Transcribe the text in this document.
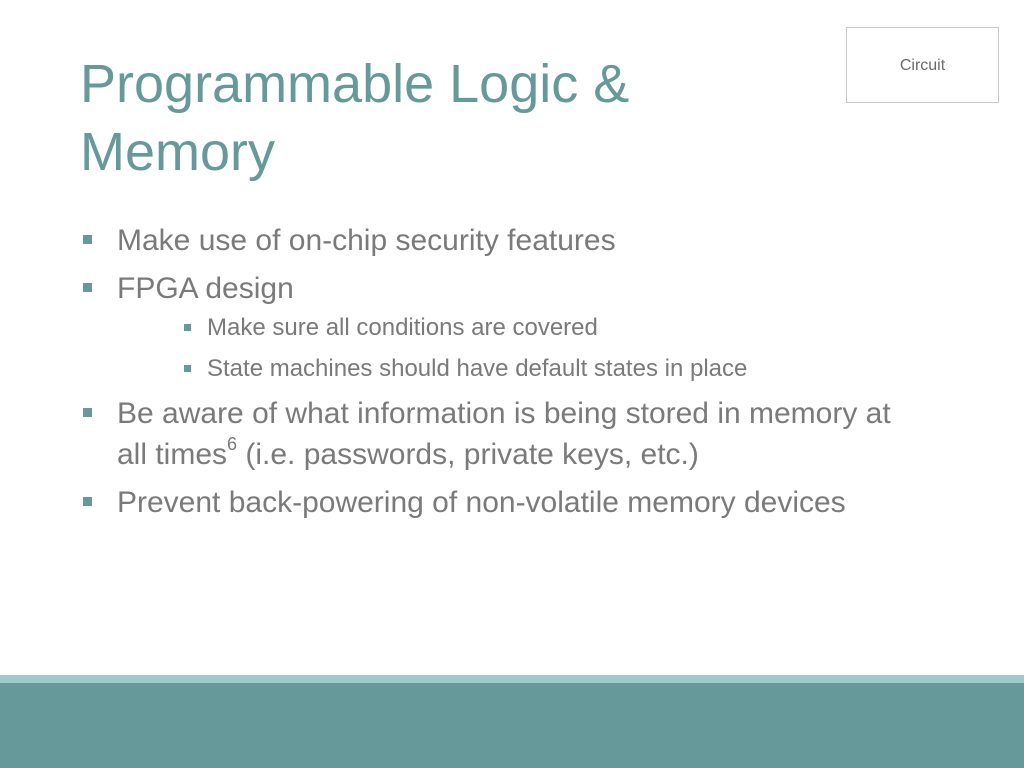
Programmable Logic &
Memory
Circuit
Make use of on-chip security features
FPGA design
Make sure all conditions are covered
State machines should have default states in place
Be aware of what information is being stored in memory at all times$^6$ (i.e. passwords, private keys, etc.)
Prevent back-powering of non-volatile memory devices
